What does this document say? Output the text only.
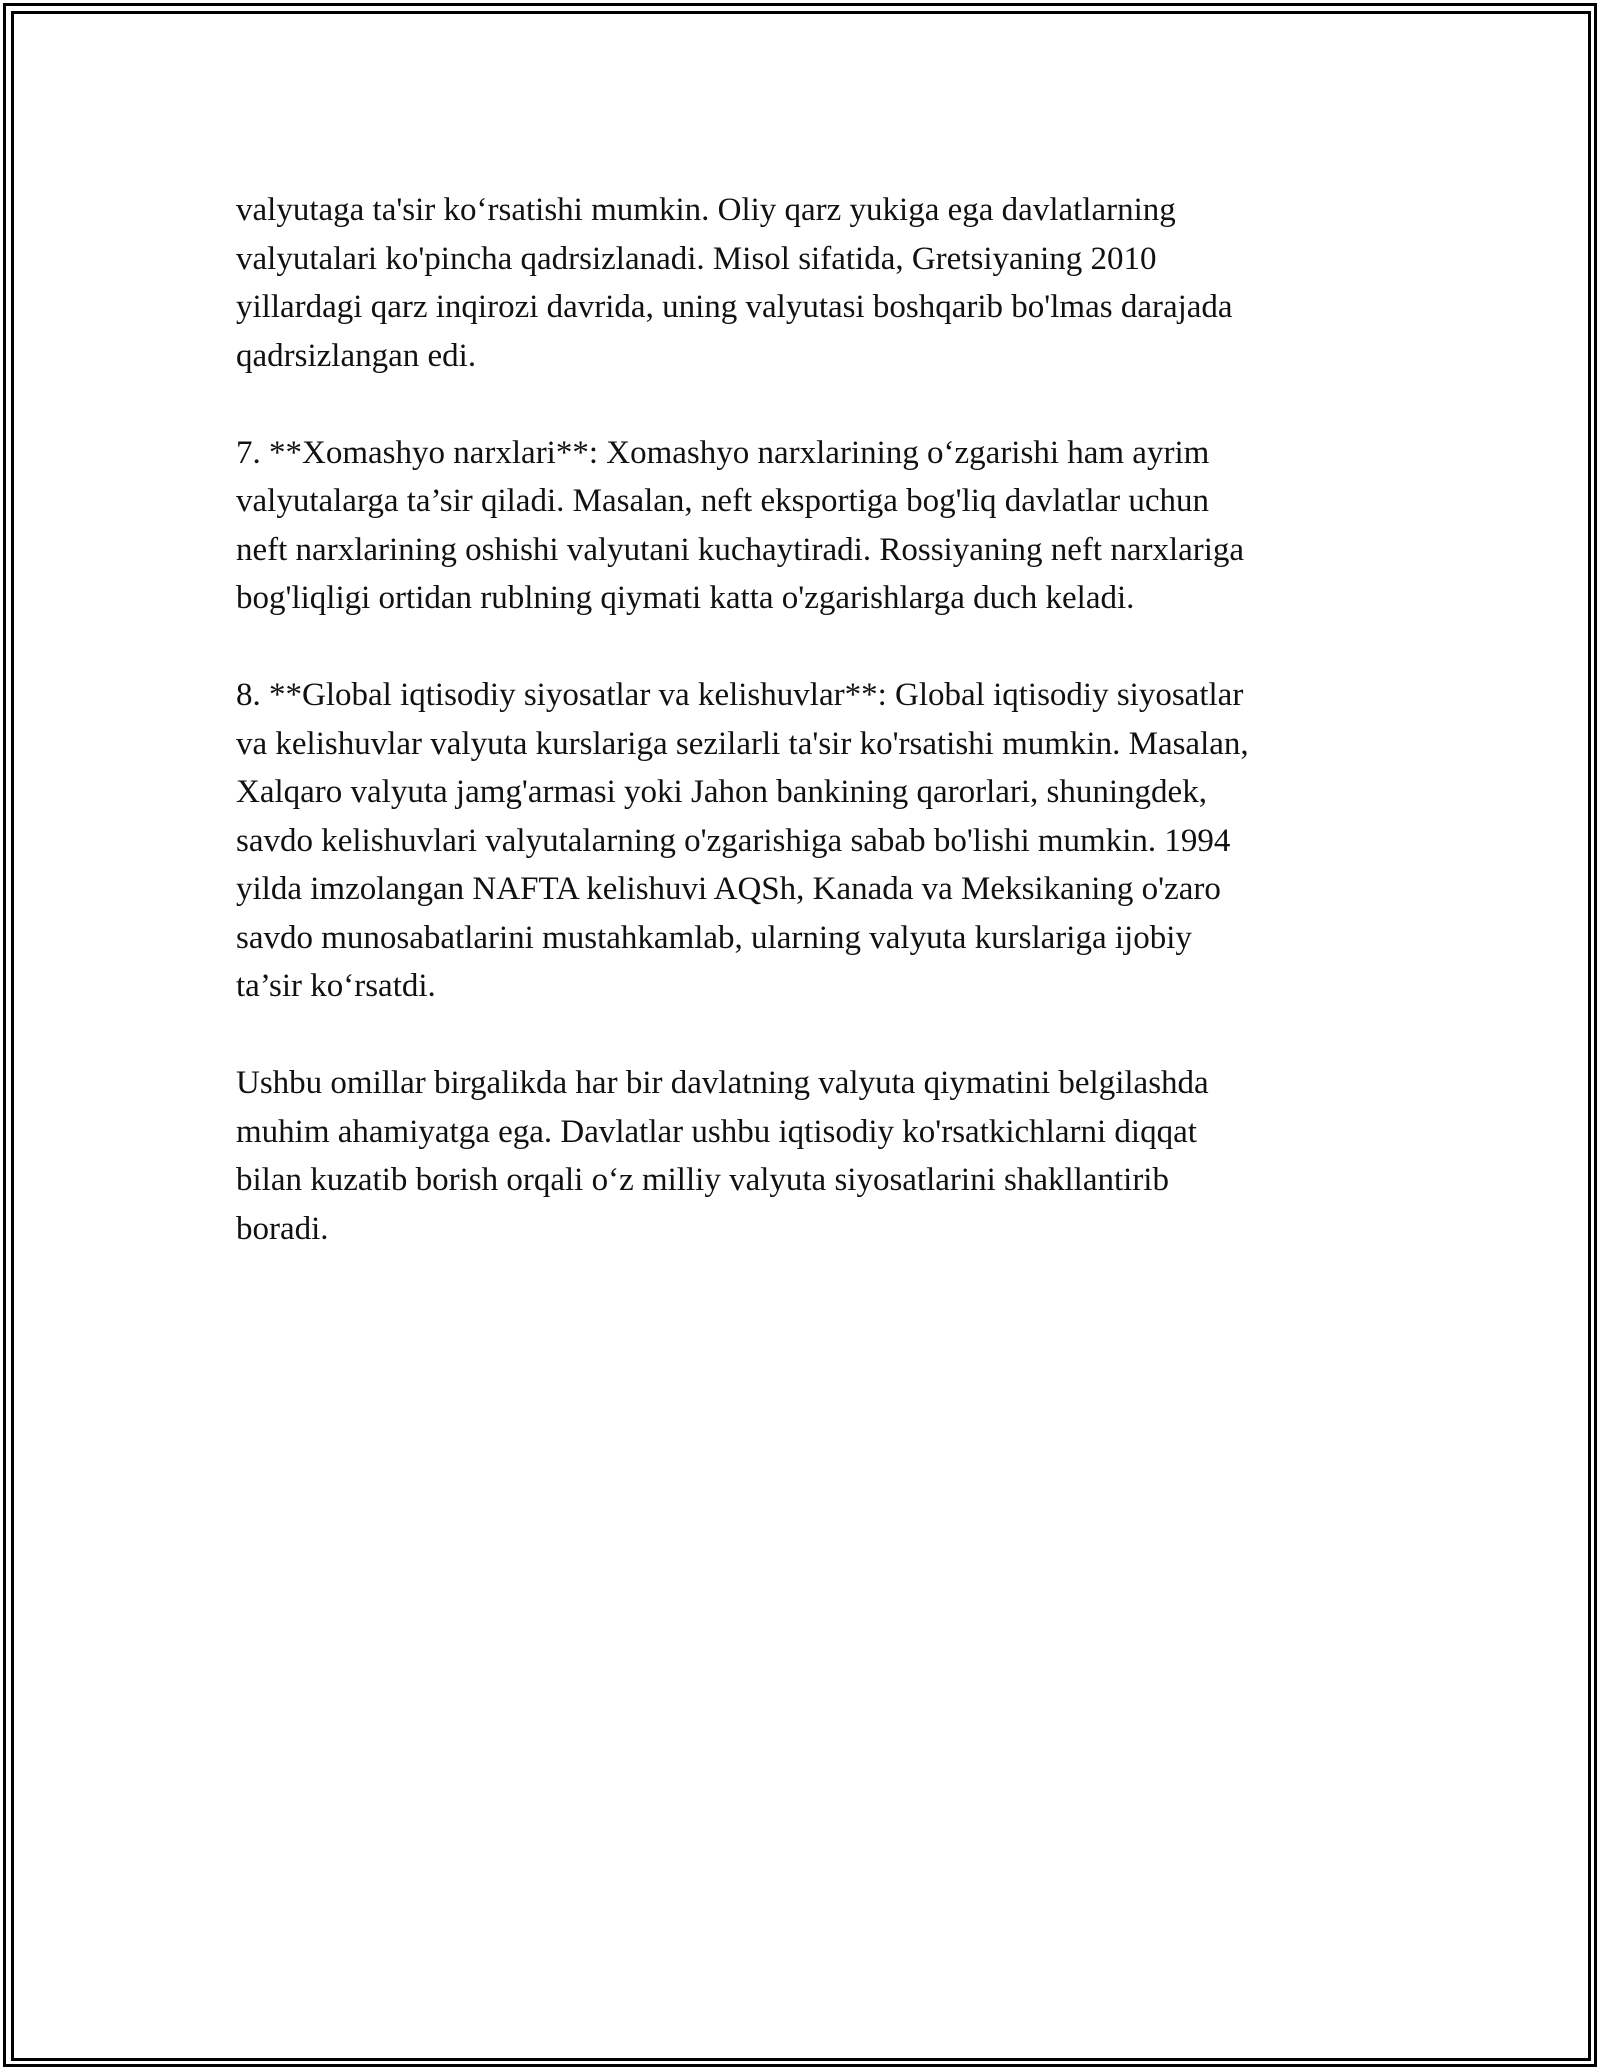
valyutaga ta'sir ko‘rsatishi mumkin. Oliy qarz yukiga ega davlatlarning
valyutalari ko'pincha qadrsizlanadi. Misol sifatida, Gretsiyaning 2010
yillardagi qarz inqirozi davrida, uning valyutasi boshqarib bo'lmas darajada
qadrsizlangan edi.
7. **Xomashyo narxlari**: Xomashyo narxlarining o‘zgarishi ham ayrim
valyutalarga ta’sir qiladi. Masalan, neft eksportiga bog'liq davlatlar uchun
neft narxlarining oshishi valyutani kuchaytiradi. Rossiyaning neft narxlariga
bog'liqligi ortidan rublning qiymati katta o'zgarishlarga duch keladi.
8. **Global iqtisodiy siyosatlar va kelishuvlar**: Global iqtisodiy siyosatlar
va kelishuvlar valyuta kurslariga sezilarli ta'sir ko'rsatishi mumkin. Masalan,
Xalqaro valyuta jamg'armasi yoki Jahon bankining qarorlari, shuningdek,
savdo kelishuvlari valyutalarning o'zgarishiga sabab bo'lishi mumkin. 1994
yilda imzolangan NAFTA kelishuvi AQSh, Kanada va Meksikaning o'zaro
savdo munosabatlarini mustahkamlab, ularning valyuta kurslariga ijobiy
ta’sir ko‘rsatdi.
Ushbu omillar birgalikda har bir davlatning valyuta qiymatini belgilashda
muhim ahamiyatga ega. Davlatlar ushbu iqtisodiy ko'rsatkichlarni diqqat
bilan kuzatib borish orqali o‘z milliy valyuta siyosatlarini shakllantirib
boradi.
